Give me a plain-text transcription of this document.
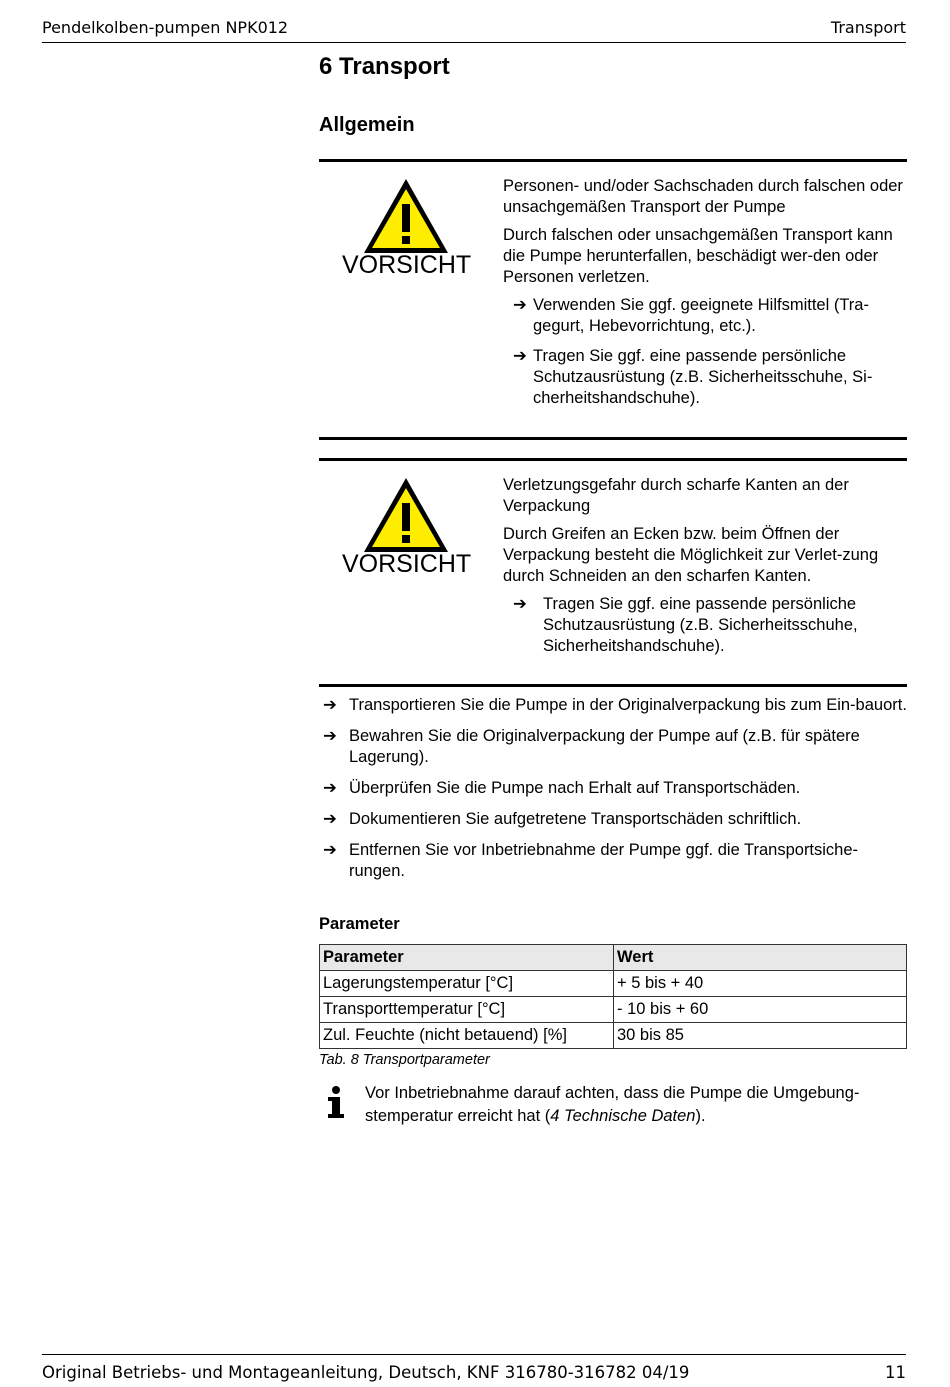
Pendelkolben-pumpen NPK012	Transport
6 Transport
Allgemein
VORSICHT

Personen- und/oder Sachschaden durch falschen oder unsachgemäßen Transport der Pumpe

Durch falschen oder unsachgemäßen Transport kann die Pumpe herunterfallen, beschädigt wer-den oder Personen verletzen.

➔ Verwenden Sie ggf. geeignete Hilfsmittel (Tra-gegurt, Hebevorrichtung, etc.).
➔ Tragen Sie ggf. eine passende persönliche Schutzausrüstung (z.B. Sicherheitsschuhe, Si-cherheitshandschuhe).
VORSICHT

Verletzungsgefahr durch scharfe Kanten an der Verpackung

Durch Greifen an Ecken bzw. beim Öffnen der Verpackung besteht die Möglichkeit zur Verlet-zung durch Schneiden an den scharfen Kanten.

➔ Tragen Sie ggf. eine passende persönliche Schutzausrüstung (z.B. Sicherheitsschuhe, Sicherheitshandschuhe).
➔ Transportieren Sie die Pumpe in der Originalverpackung bis zum Ein-bauort.
➔ Bewahren Sie die Originalverpackung der Pumpe auf (z.B. für spätere Lagerung).
➔ Überprüfen Sie die Pumpe nach Erhalt auf Transportschäden.
➔ Dokumentieren Sie aufgetretene Transportschäden schriftlich.
➔ Entfernen Sie vor Inbetriebnahme der Pumpe ggf. die Transportsiche-rungen.
Parameter
Parameter	Wert
Lagerungstemperatur [°C]	+ 5 bis + 40
Transporttemperatur [°C]	- 10 bis + 60
Zul. Feuchte (nicht betauend) [%]	30 bis 85
Tab. 8 Transportparameter
Vor Inbetriebnahme darauf achten, dass die Pumpe die Umgebung-stemperatur erreicht hat (4 Technische Daten).
Original Betriebs- und Montageanleitung, Deutsch, KNF 316780-316782 04/19	11
